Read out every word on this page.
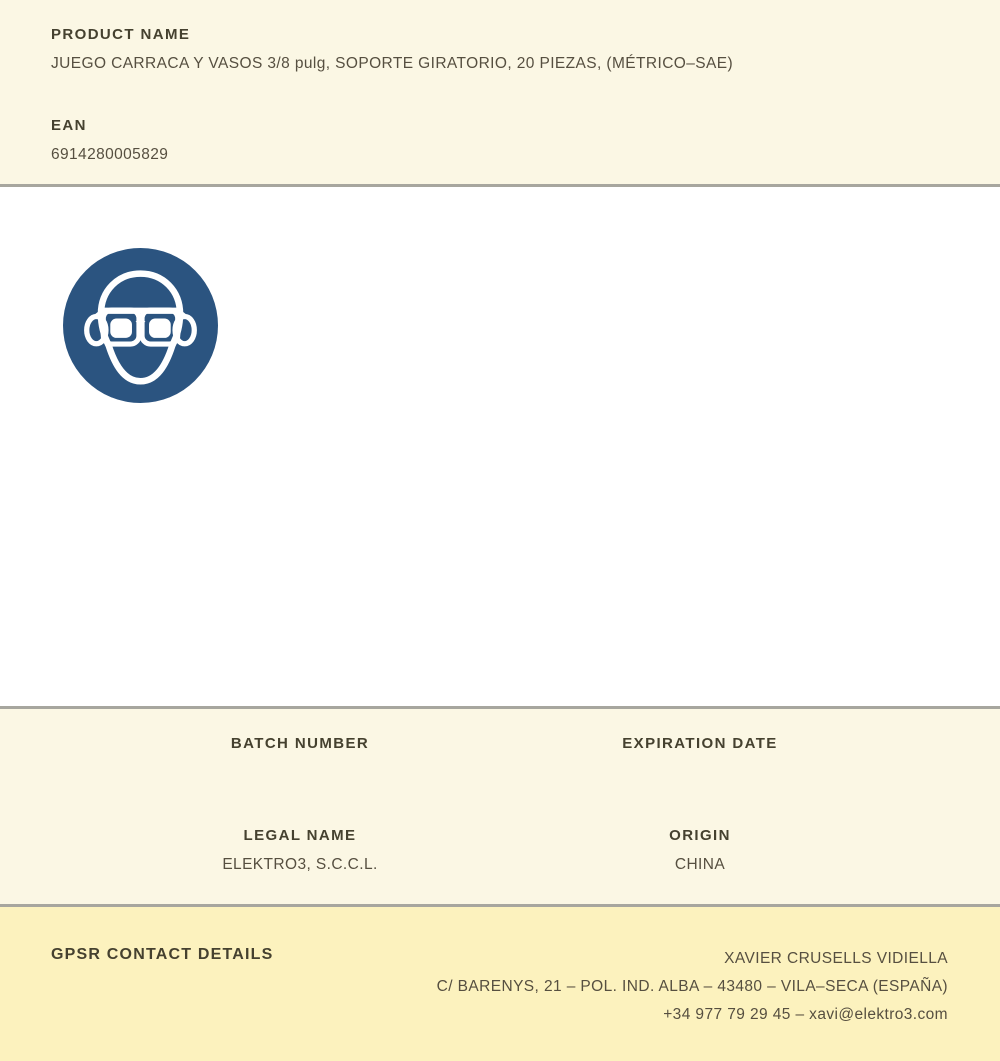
PRODUCT NAME
JUEGO CARRACA Y VASOS 3/8 pulg, SOPORTE GIRATORIO, 20 PIEZAS, (MÉTRICO–SAE)
EAN
6914280005829
BATCH NUMBER	EXPIRATION DATE
LEGAL NAME
ELEKTRO3, S.C.C.L.
ORIGIN
CHINA
GPSR CONTACT DETAILS	XAVIER CRUSELLS VIDIELLA
C/ BARENYS, 21 – POL. IND. ALBA – 43480 – VILA–SECA (ESPAÑA)
+34 977 79 29 45 – xavi@elektro3.com
